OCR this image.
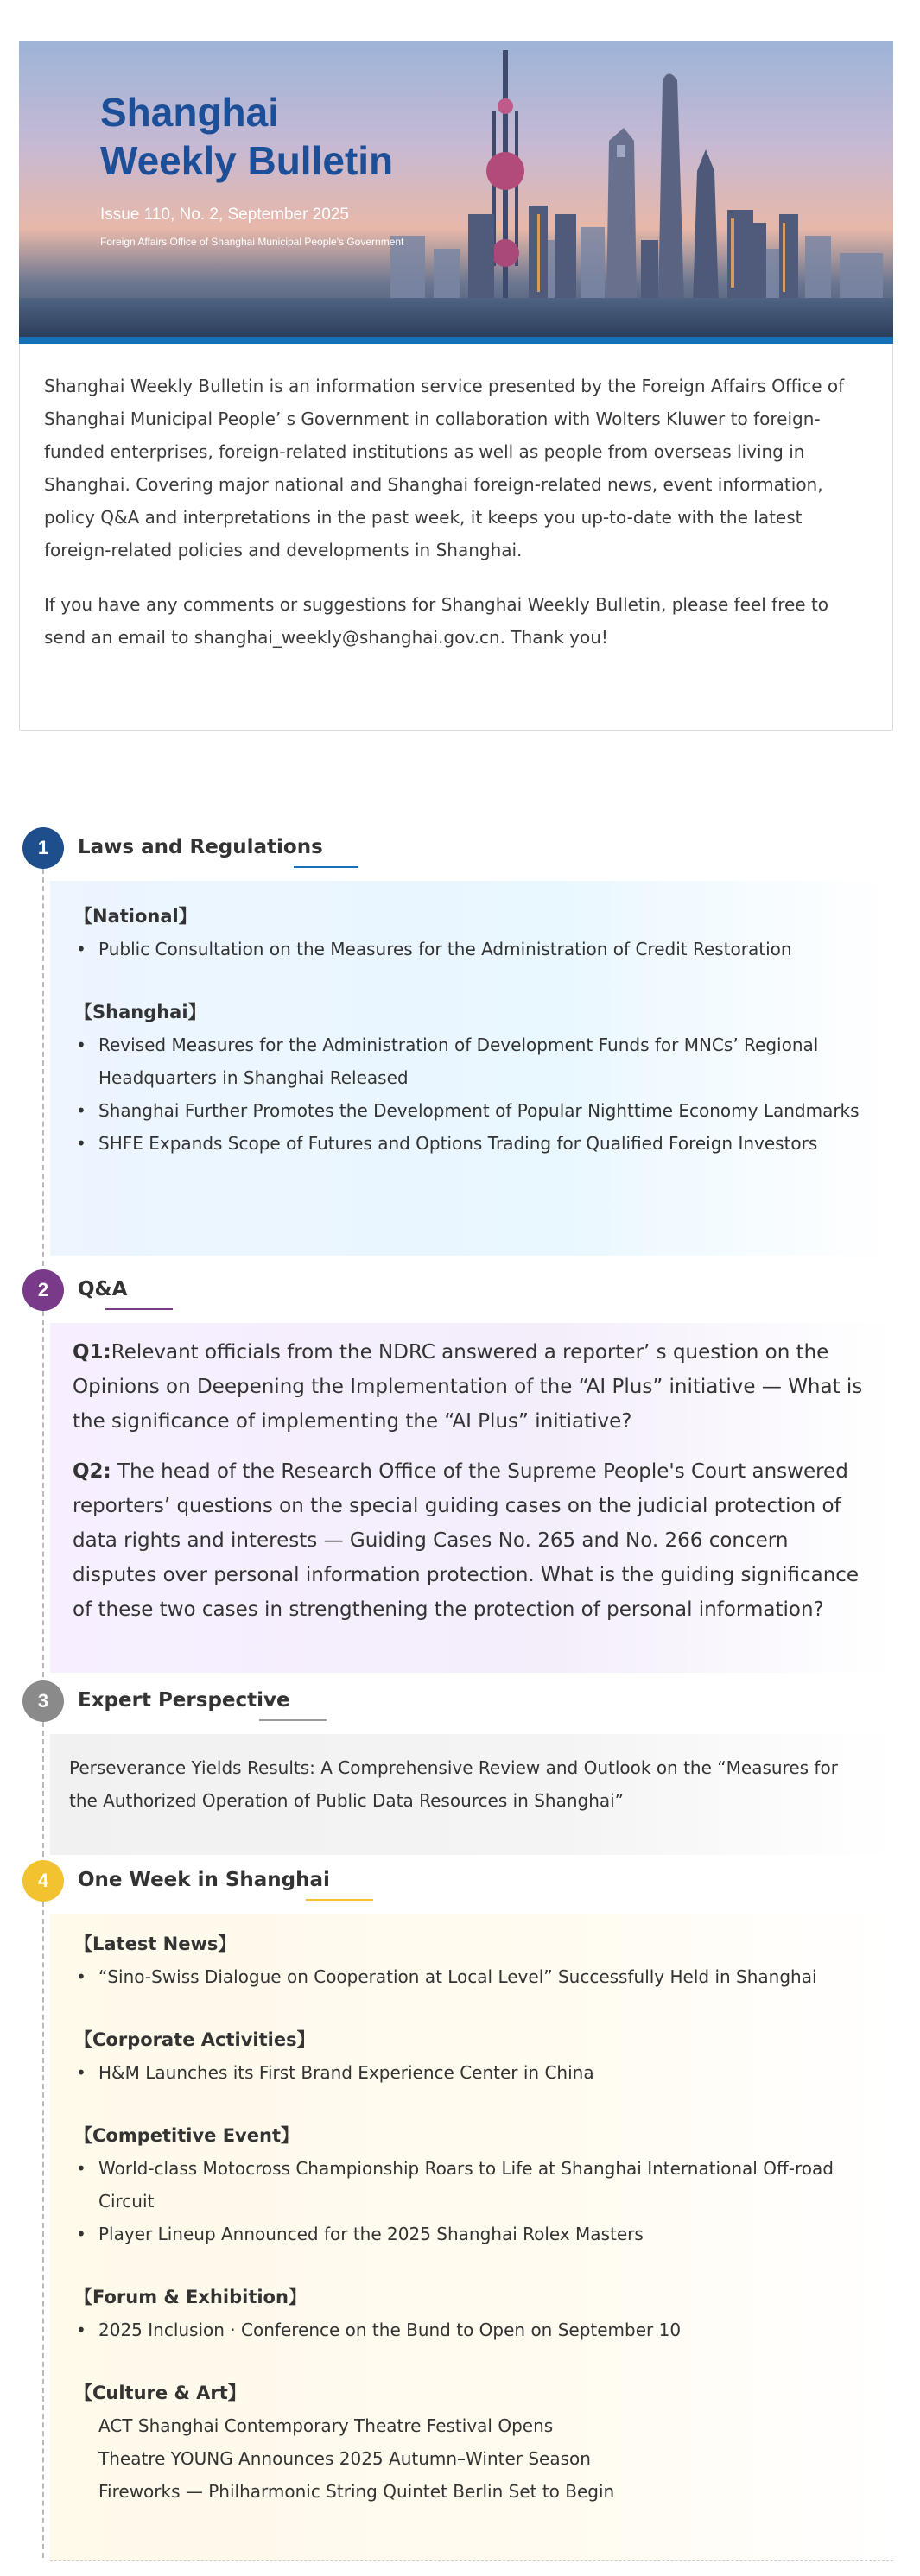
Shanghai
Weekly Bulletin
Issue 110, No. 2, September 2025
Foreign Affairs Office of Shanghai Municipal People's Government

Shanghai Weekly Bulletin is an information service presented by the Foreign Affairs Office of Shanghai Municipal People’ s Government in collaboration with Wolters Kluwer to foreign-funded enterprises, foreign-related institutions as well as people from overseas living in Shanghai. Covering major national and Shanghai foreign-related news, event information, policy Q&A and interpretations in the past week, it keeps you up-to-date with the latest foreign-related policies and developments in Shanghai.

If you have any comments or suggestions for Shanghai Weekly Bulletin, please feel free to send an email to shanghai_weekly@shanghai.gov.cn. Thank you!

1	Laws and Regulations
【National】
• Public Consultation on the Measures for the Administration of Credit Restoration
【Shanghai】
• Revised Measures for the Administration of Development Funds for MNCs’ Regional Headquarters in Shanghai Released
• Shanghai Further Promotes the Development of Popular Nighttime Economy Landmarks
• SHFE Expands Scope of Futures and Options Trading for Qualified Foreign Investors
2	Q&A

Q1:Relevant officials from the NDRC answered a reporter’ s question on the Opinions on Deepening the Implementation of the “AI Plus” initiative — What is the significance of implementing the “AI Plus” initiative?

Q2: The head of the Research Office of the Supreme People's Court answered reporters’ questions on the special guiding cases on the judicial protection of data rights and interests — Guiding Cases No. 265 and No. 266 concern disputes over personal information protection. What is the guiding significance of these two cases in strengthening the protection of personal information?

3	Expert Perspective
Perseverance Yields Results: A Comprehensive Review and Outlook on the “Measures for the Authorized Operation of Public Data Resources in Shanghai”
4	One Week in Shanghai
【Latest News】
• “Sino-Swiss Dialogue on Cooperation at Local Level” Successfully Held in Shanghai
【Corporate Activities】
• H&M Launches its First Brand Experience Center in China
【Competitive Event】
• World-class Motocross Championship Roars to Life at Shanghai International Off-road Circuit
• Player Lineup Announced for the 2025 Shanghai Rolex Masters
【Forum & Exhibition】
• 2025 Inclusion · Conference on the Bund to Open on September 10
【Culture & Art】
ACT Shanghai Contemporary Theatre Festival Opens
Theatre YOUNG Announces 2025 Autumn–Winter Season
Fireworks — Philharmonic String Quintet Berlin Set to Begin
